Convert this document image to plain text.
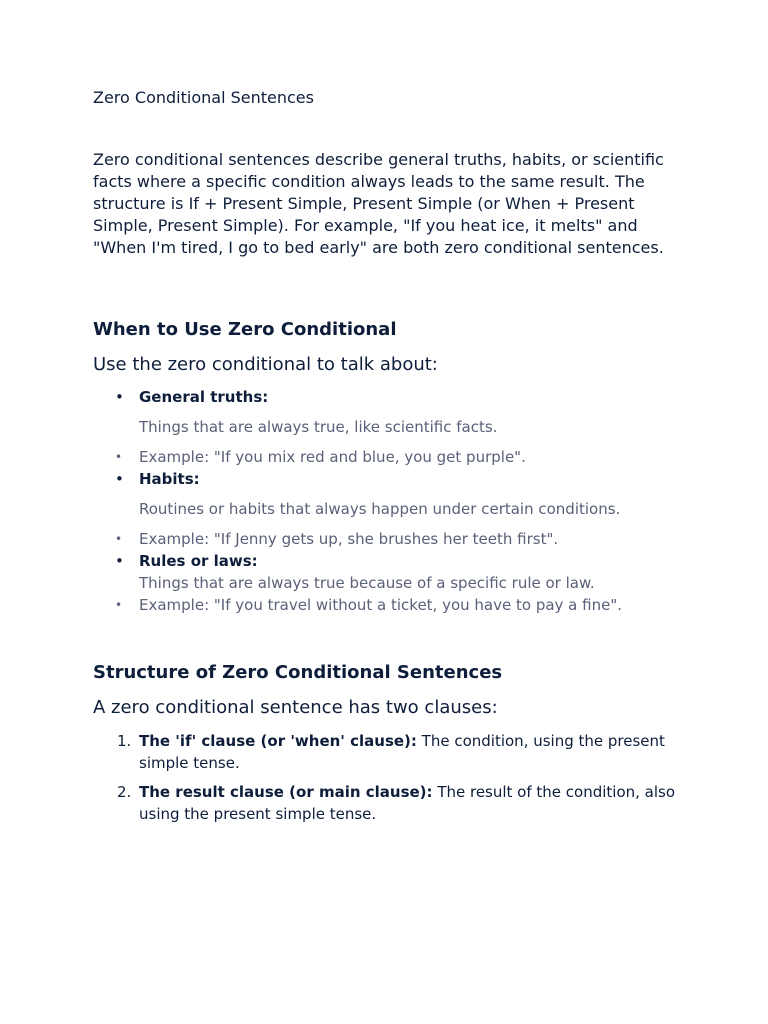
Zero Conditional Sentences

Zero conditional sentences describe general truths, habits, or scientific facts where a specific condition always leads to the same result. The structure is If + Present Simple, Present Simple (or When + Present Simple, Present Simple). For example, "If you heat ice, it melts" and "When I'm tired, I go to bed early" are both zero conditional sentences.

When to Use Zero Conditional

Use the zero conditional to talk about:

• General truths:
Things that are always true, like scientific facts.
• Example: "If you mix red and blue, you get purple".
• Habits:
Routines or habits that always happen under certain conditions.
• Example: "If Jenny gets up, she brushes her teeth first".
• Rules or laws:
Things that are always true because of a specific rule or law.
• Example: "If you travel without a ticket, you have to pay a fine".
Structure of Zero Conditional Sentences

A zero conditional sentence has two clauses:

1. The 'if' clause (or 'when' clause): The condition, using the present simple tense.
2. The result clause (or main clause): The result of the condition, also using the present simple tense.
